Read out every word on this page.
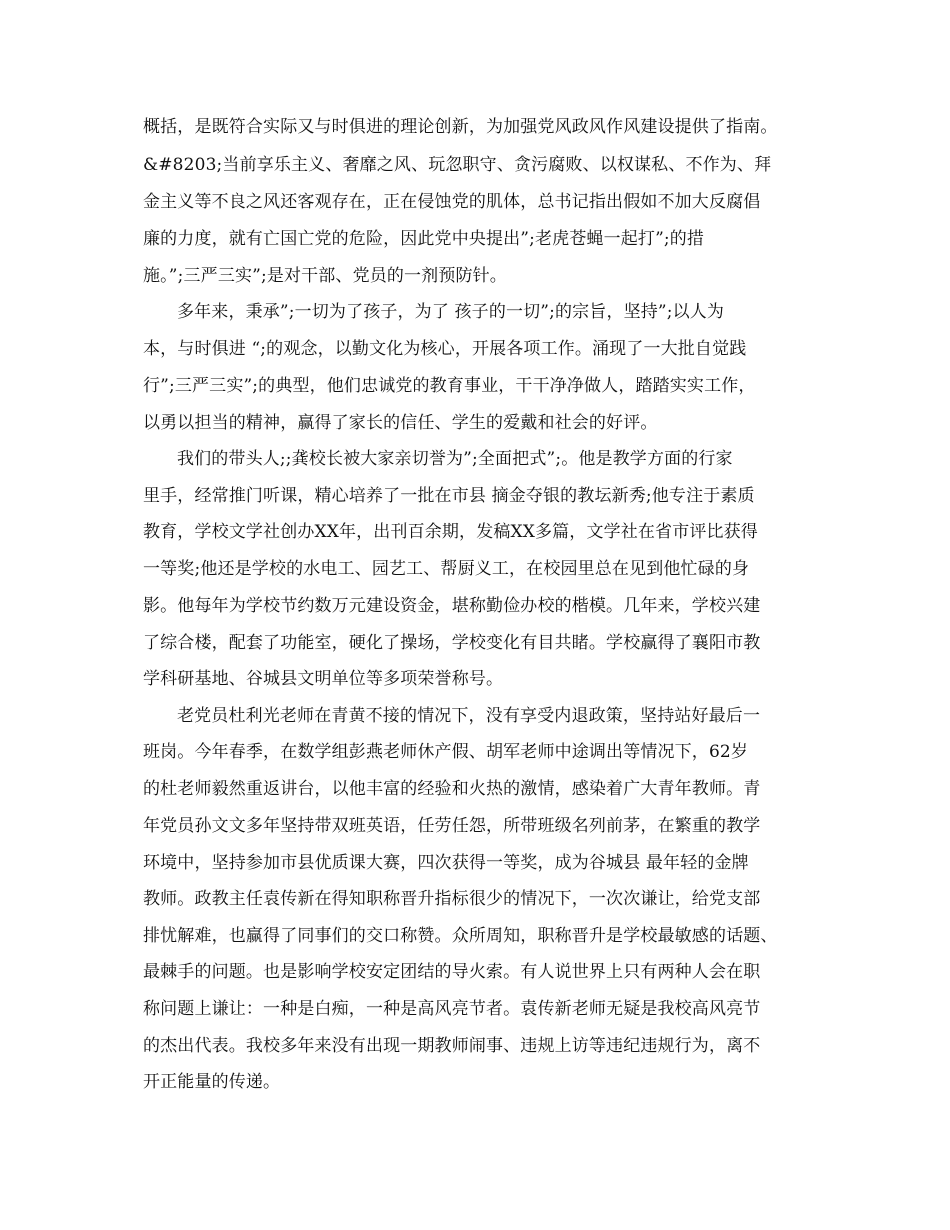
概括，是既符合实际又与时俱进的理论创新，为加强党风政风作风建设提供了指南。
&#8203;当前享乐主义、奢靡之风、玩忽职守、贪污腐败、以权谋私、不作为、拜
金主义等不良之风还客观存在，正在侵蚀党的肌体，总书记指出假如不加大反腐倡
廉的力度，就有亡国亡党的危险，因此党中央提出”;老虎苍蝇一起打”;的措
施。”;三严三实”;是对干部、党员的一剂预防针。
多年来，秉承”;一切为了孩子，为了 孩子的一切”;的宗旨，坚持”;以人为
本，与时俱进 “;的观念，以勤文化为核心，开展各项工作。涌现了一大批自觉践
行”;三严三实”;的典型，他们忠诚党的教育事业，干干净净做人，踏踏实实工作，
以勇以担当的精神，赢得了家长的信任、学生的爱戴和社会的好评。
我们的带头人;;龚校长被大家亲切誉为”;全面把式”;。他是教学方面的行家
里手，经常推门听课，精心培养了一批在市县 摘金夺银的教坛新秀;他专注于素质
教育，学校文学社创办XX年，出刊百余期，发稿XX多篇，文学社在省市评比获得
一等奖;他还是学校的水电工、园艺工、帮厨义工，在校园里总在见到他忙碌的身
影。他每年为学校节约数万元建设资金，堪称勤俭办校的楷模。几年来，学校兴建
了综合楼，配套了功能室，硬化了操场，学校变化有目共睹。学校赢得了襄阳市教
学科研基地、谷城县文明单位等多项荣誉称号。
老党员杜利光老师在青黄不接的情况下，没有享受内退政策，坚持站好最后一
班岗。今年春季，在数学组彭燕老师休产假、胡军老师中途调出等情况下，62岁
的杜老师毅然重返讲台，以他丰富的经验和火热的激情，感染着广大青年教师。青
年党员孙文文多年坚持带双班英语，任劳任怨，所带班级名列前茅，在繁重的教学
环境中，坚持参加市县优质课大赛，四次获得一等奖，成为谷城县 最年轻的金牌
教师。政教主任袁传新在得知职称晋升指标很少的情况下，一次次谦让，给党支部
排忧解难，也赢得了同事们的交口称赞。众所周知，职称晋升是学校最敏感的话题、
最棘手的问题。也是影响学校安定团结的导火索。有人说世界上只有两种人会在职
称问题上谦让：一种是白痴，一种是高风亮节者。袁传新老师无疑是我校高风亮节
的杰出代表。我校多年来没有出现一期教师闹事、违规上访等违纪违规行为，离不
开正能量的传递。
